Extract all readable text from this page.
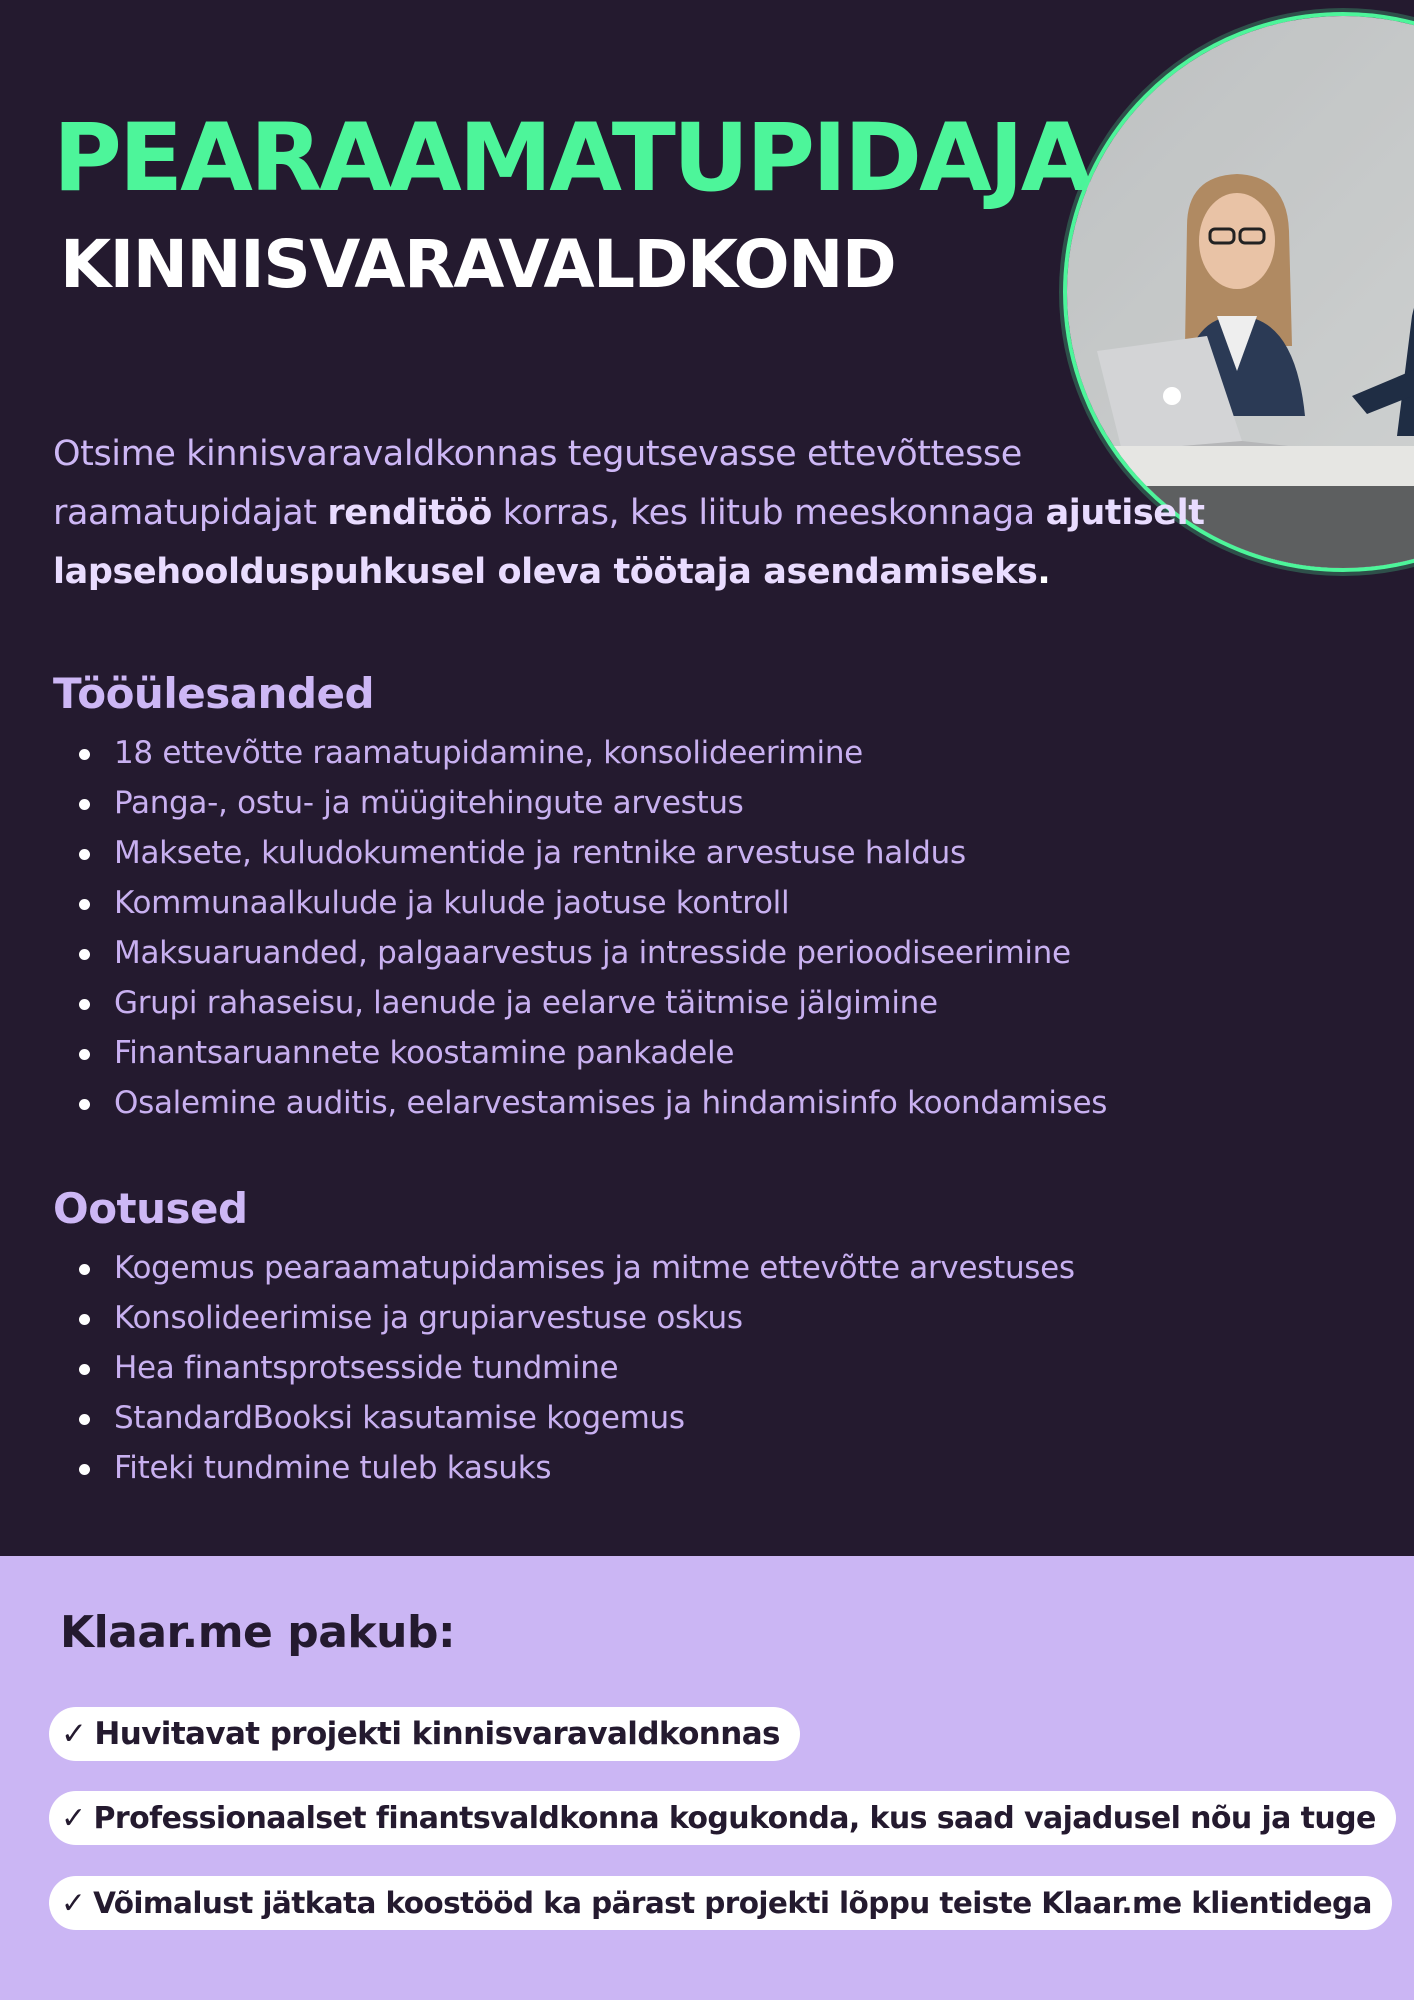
PEARAAMATUPIDAJA
KINNISVARAVALDKOND

Otsime kinnisvaravaldkonnas tegutsevasse ettevõttesse raamatupidajat renditöö korras, kes liitub meeskonnaga ajutiselt lapsehoolduspuhkusel oleva töötaja asendamiseks.

Tööülesanded
18 ettevõtte raamatupidamine, konsolideerimine
Panga-, ostu- ja müügitehingute arvestus
Maksete, kuludokumentide ja rentnike arvestuse haldus
Kommunaalkulude ja kulude jaotuse kontroll
Maksuaruanded, palgaarvestus ja intresside perioodiseerimine
Grupi rahaseisu, laenude ja eelarve täitmise jälgimine
Finantsaruannete koostamine pankadele
Osalemine auditis, eelarvestamises ja hindamisinfo koondamises
Ootused
Kogemus pearaamatupidamises ja mitme ettevõtte arvestuses
Konsolideerimise ja grupiarvestuse oskus
Hea finantsprotsesside tundmine
StandardBooksi kasutamise kogemus
Fiteki tundmine tuleb kasuks
Klaar.me pakub:
✓ Huvitavat projekti kinnisvaravaldkonnas
✓ Professionaalset finantsvaldkonna kogukonda, kus saad vajadusel nõu ja tuge
✓ Võimalust jätkata koostööd ka pärast projekti lõppu teiste Klaar.me klientidega
